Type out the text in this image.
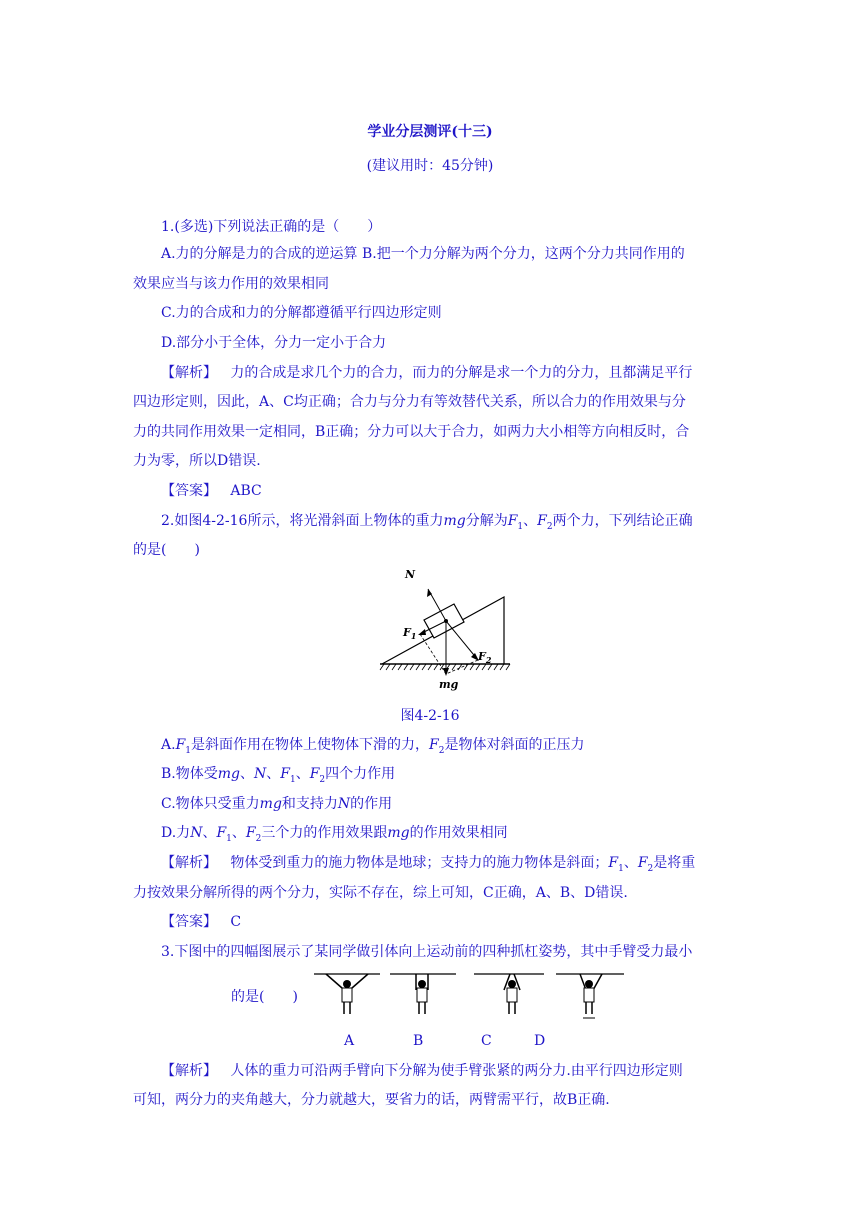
学业分层测评(十三)
(建议用时：45分钟)
1.(多选)下列说法正确的是（　　）
A.力的分解是力的合成的逆运算 B.把一个力分解为两个分力，这两个分力共同作用的
效果应当与该力作用的效果相同
C.力的合成和力的分解都遵循平行四边形定则
D.部分小于全体，分力一定小于合力
【解析】 力的合成是求几个力的合力，而力的分解是求一个力的分力，且都满足平行
四边形定则，因此，A、C均正确；合力与分力有等效替代关系，所以合力的作用效果与分
力的共同作用效果一定相同，B正确；分力可以大于合力，如两力大小相等方向相反时，合
力为零，所以D错误.
【答案】 ABC
2.如图4-2-16所示，将光滑斜面上物体的重力mg分解为$F_1$、$F_2$两个力，下列结论正确
的是(　　)
N
$F_1$
$F_2$
mg
图4-2-16
$A.F_1$是斜面作用在物体上使物体下滑的力，$F_2$是物体对斜面的正压力
B.物体受mg、N、$F_1$、$F_2$四个力作用
C.物体只受重力mg和支持力N的作用
D.力N、$F_1$、$F_2$三个力的作用效果跟mg的作用效果相同
【解析】 物体受到重力的施力物体是地球；支持力的施力物体是斜面；$F_1$、$F_2$是将重
力按效果分解所得的两个分力，实际不存在，综上可知，C正确，A、B、D错误.
【答案】 C
3.下图中的四幅图展示了某同学做引体向上运动前的四种抓杠姿势，其中手臂受力最小
的是(　　)
A	B	C	D
【解析】 人体的重力可沿两手臂向下分解为使手臂张紧的两分力.由平行四边形定则
可知，两分力的夹角越大，分力就越大，要省力的话，两臂需平行，故B正确.
